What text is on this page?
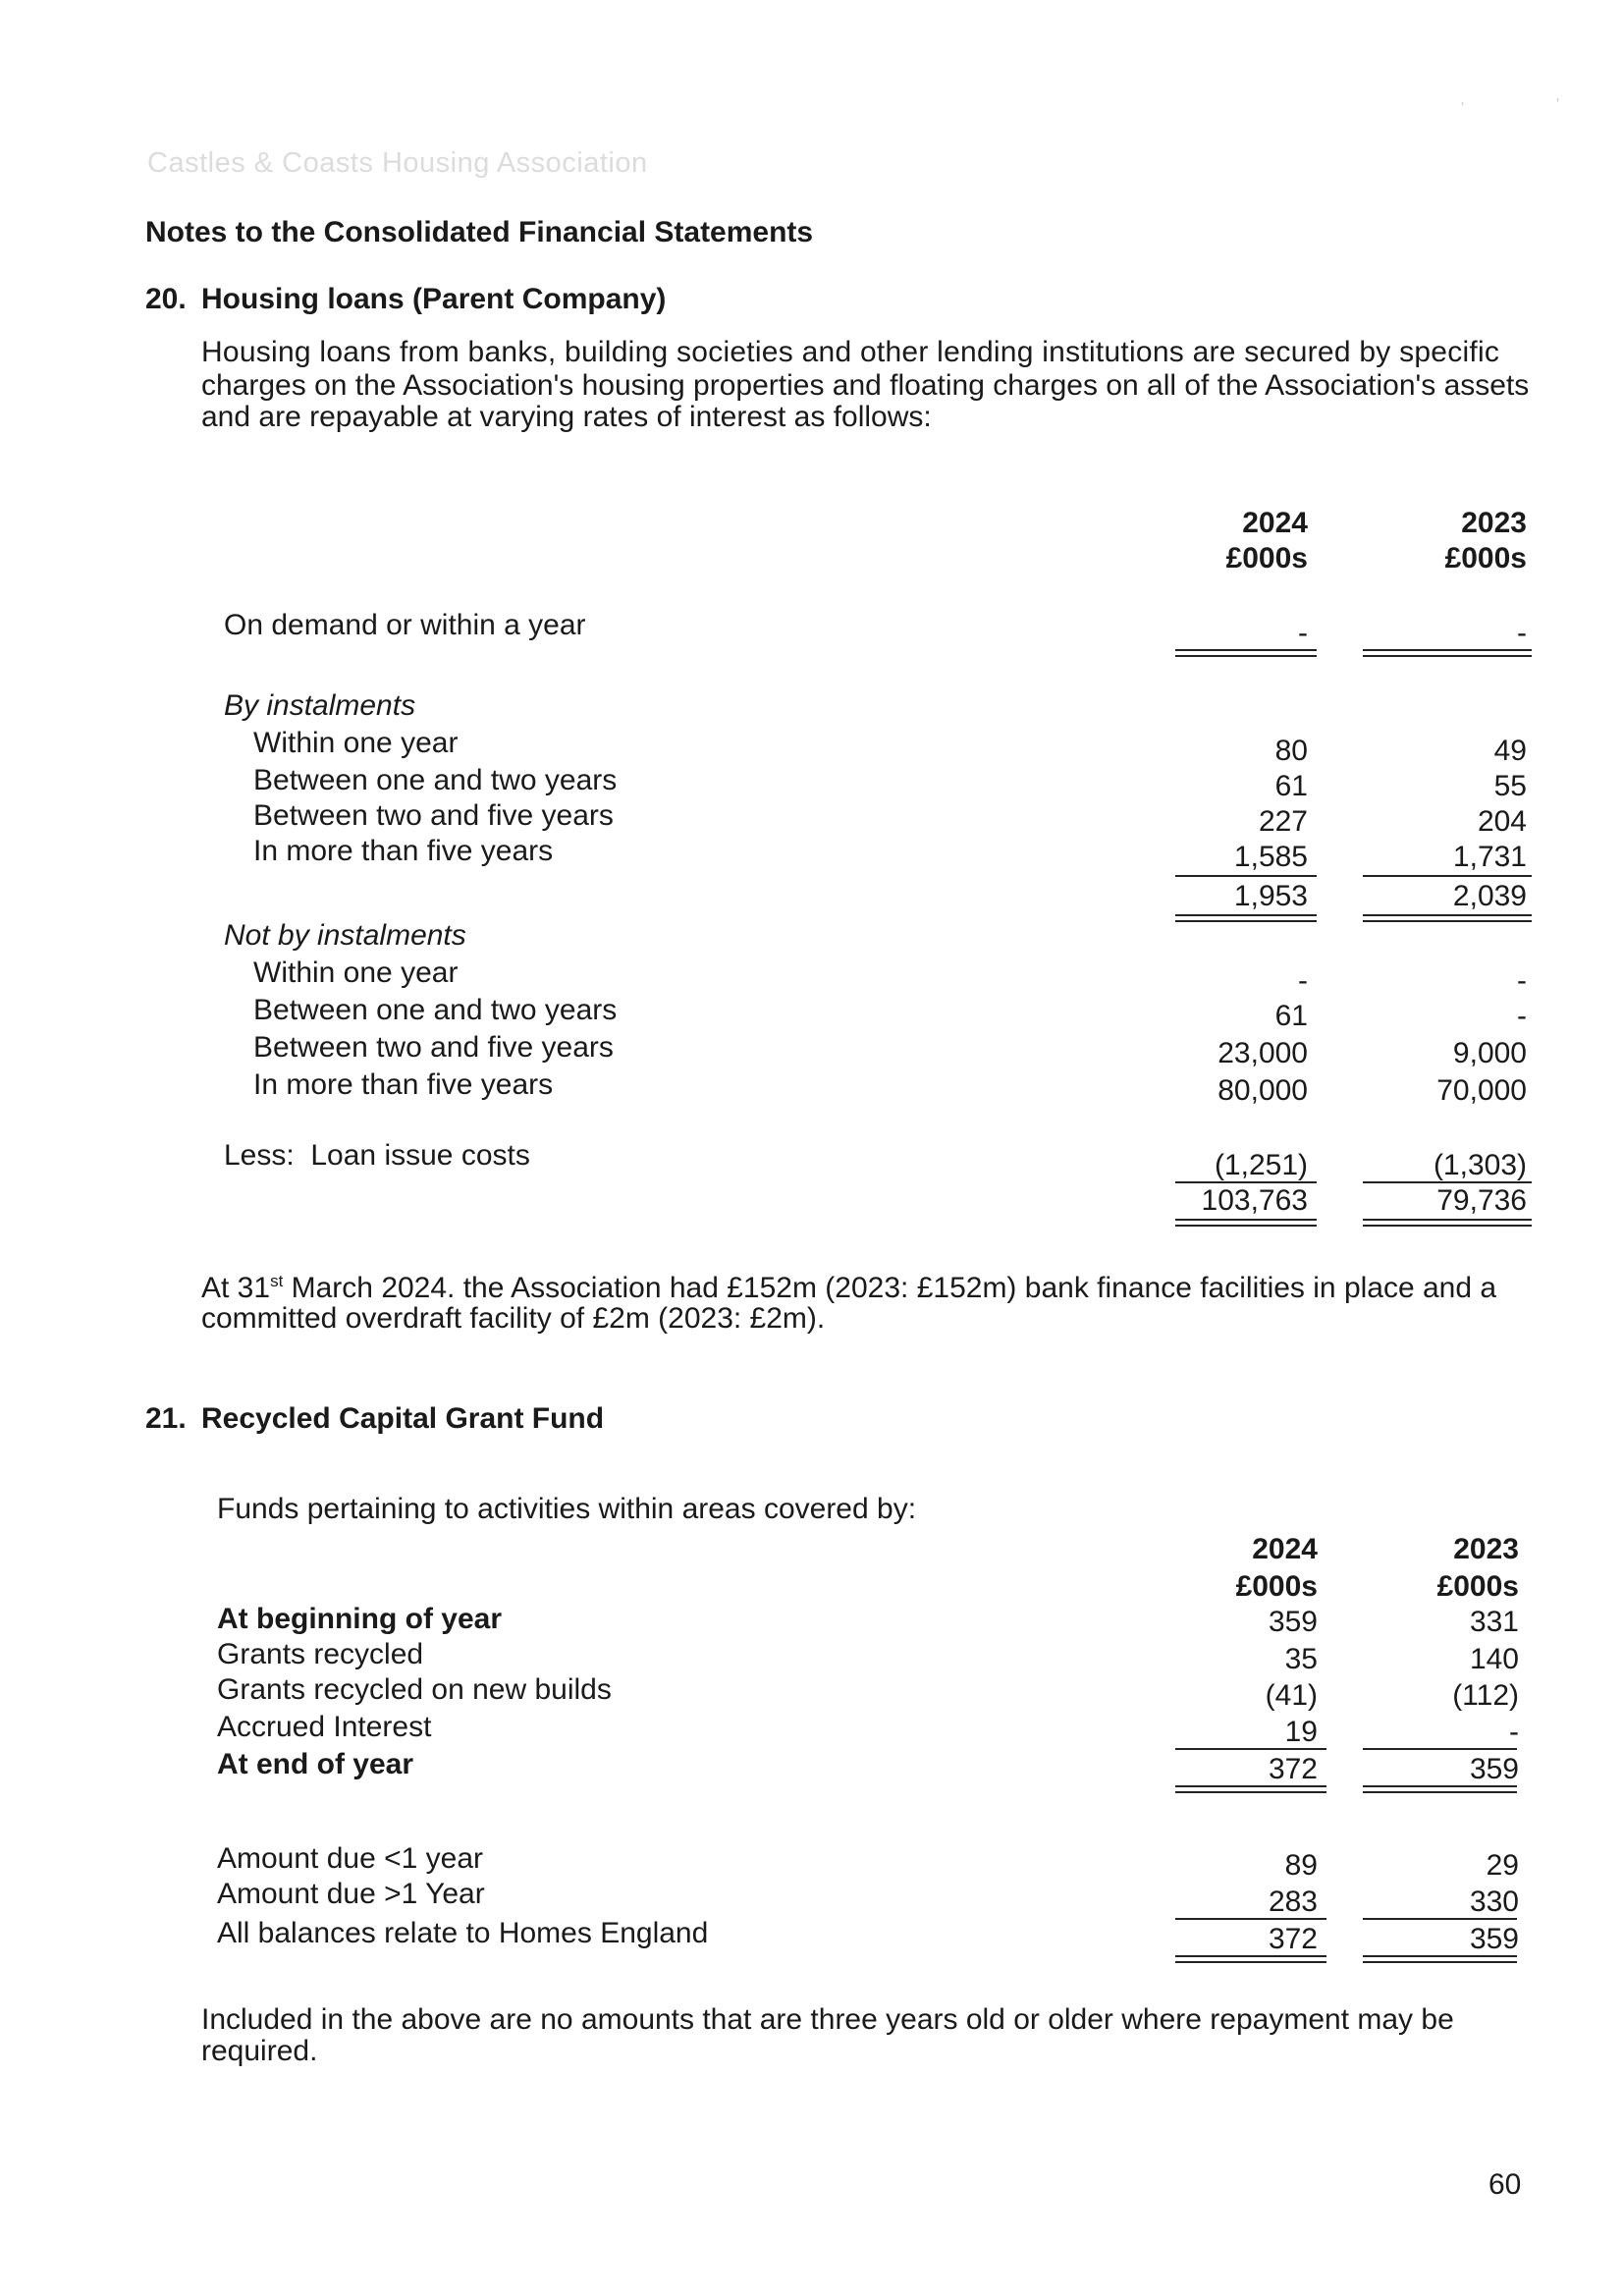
'	'
Castles & Coasts Housing Association
Notes to the Consolidated Financial Statements
20. Housing loans (Parent Company)
Housing loans from banks, building societies and other lending institutions are secured by specific
charges on the Association's housing properties and floating charges on all of the Association's assets
and are repayable at varying rates of interest as follows:
2024	2023
£000s	£000s
On demand or within a year	-	-
By instalments
Within one year	80	49
Between one and two years	61	55
Between two and five years	227	204
In more than five years	1,585	1,731
1,953	2,039
Not by instalments
Within one year	-	-
Between one and two years	61	-
Between two and five years	23,000	9,000
In more than five years	80,000	70,000
Less:  Loan issue costs	(1,251)	(1,303)
103,763	79,736
At 31st March 2024. the Association had £152m (2023: £152m) bank finance facilities in place and a
committed overdraft facility of £2m (2023: £2m).
21. Recycled Capital Grant Fund
Funds pertaining to activities within areas covered by:
2024	2023
£000s	£000s
At beginning of year	359	331
Grants recycled	35	140
Grants recycled on new builds	(41)	(112)
Accrued Interest	19	-
At end of year	372	359
Amount due <1 year	89	29
Amount due >1 Year	283	330
All balances relate to Homes England	372	359
Included in the above are no amounts that are three years old or older where repayment may be
required.
60
